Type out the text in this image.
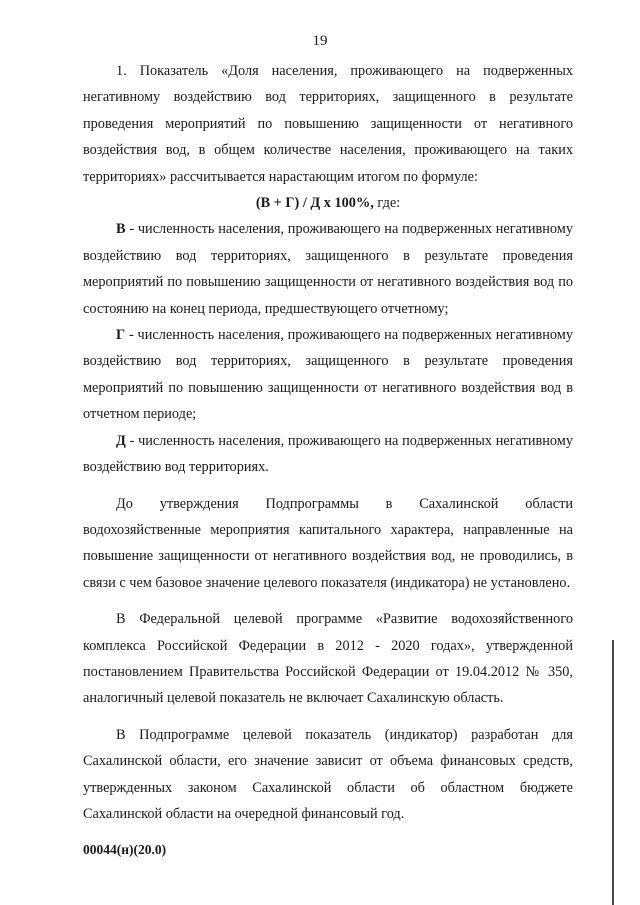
19

1. Показатель «Доля населения, проживающего на подверженных негативному воздействию вод территориях, защищенного в результате проведения мероприятий по повышению защищенности от негативного воздействия вод, в общем количестве населения, проживающего на таких территориях» рассчитывается нарастающим итогом по формуле:

(В + Г) / Д х 100%, где:

В - численность населения, проживающего на подверженных негативному воздействию вод территориях, защищенного в результате проведения мероприятий по повышению защищенности от негативного воздействия вод по состоянию на конец периода, предшествующего отчетному;

Г - численность населения, проживающего на подверженных негативному воздействию вод территориях, защищенного в результате проведения мероприятий по повышению защищенности от негативного воздействия вод в отчетном периоде;

Д - численность населения, проживающего на подверженных негативному воздействию вод территориях.

До утверждения Подпрограммы в Сахалинской области водохозяйственные мероприятия капитального характера, направленные на повышение защищенности от негативного воздействия вод, не проводились, в связи с чем базовое значение целевого показателя (индикатора) не установлено.

В Федеральной целевой программе «Развитие водохозяйственного комплекса Российской Федерации в 2012 - 2020 годах», утвержденной постановлением Правительства Российской Федерации от 19.04.2012 № 350, аналогичный целевой показатель не включает Сахалинскую область.

В Подпрограмме целевой показатель (индикатор) разработан для Сахалинской области, его значение зависит от объема финансовых средств, утвержденных законом Сахалинской области об областном бюджете Сахалинской области на очередной финансовый год.

00044(н)(20.0)
